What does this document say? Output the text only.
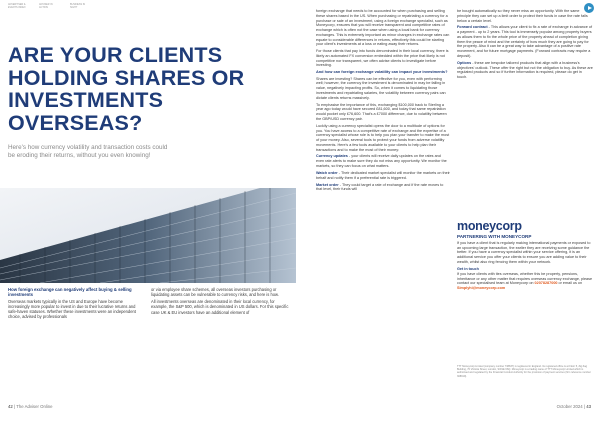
ADVERTISER & EVENTS INDEX
ADVISER IN ACTION
BUSINESS IN SIGHT
ARE YOUR CLIENTS HOLDING SHARES OR INVESTMENTS OVERSEAS?

Here's how currency volatility and transaction costs could be eroding their returns, without you even knowing!

How foreign exchange can negatively affect buying & selling investments

Overseas markets typically in the US and Europe have become increasingly more popular to invest in due to their lucrative returns and safe-haven statuses. Whether these investments were an independent choice, advised by professionals

or via employee share schemes, all overseas investors purchasing or liquidating assets can be vulnerable to currency risks, and here is how.

All investments overseas are denominated in their local currency, for example, the S&P 500, which is denominated in US dollars. For this specific case UK & EU investors have an additional element of

foreign exchange that needs to be accounted for when purchasing and selling these shares based in the US. When purchasing or repatriating a currency for a purchase or sale of an investment, using a foreign exchange specialist, such as Moneycorp, ensures that you will receive transparent and competitive rates of exchange which is often not the case when using a local bank for currency exchanges. This is extremely important as minor changes in exchange rates can equate to considerable differences in returns, effectively this could be starting your client's investments at a loss or eating away their returns.

For those clients that pay into funds denominated in their local currency, there is likely an automated FX conversion embedded within the price that likely is not competitive nor transparent, we often advise clients to investigate before investing.

And how can foreign exchange volatility can impact your investments?

Shares are investing? Shares can be effective for you, even with performing well; however, the currency the investment is denominated in may be falling in value, negatively impacting profits. So, when it comes to liquidating those investments and repatriating salaries, the volatility between currency pairs can dictate clients returns massively.

To emphasise the importance of this, exchanging $100,000 back to Sterling a year ago today would have secured £81,600, and today that same repatriation would pocket only £76,600. That's a £7000 difference, due to volatility between the GBP/USD currency pair.

Luckily using a currency specialist opens the door to a multitude of options for you. You have access to a competitive rate of exchange and the expertise of a currency specialist whose role is to help you plan your transfer to make the most of your money. Also, several tools to protect your funds from adverse volatility movements. Here's a few tools available to your clients to help plan their transactions and to make the most of their money:

Currency updates - your clients will receive daily updates on the rates and even rate alerts to make sure they do not miss any opportunity. We monitor the markets, so they can focus on what matters.

Watch order - Their dedicated market specialist will monitor the markets on their behalf and notify them if a preferential rate is triggered.

Market order - They could target a rate of exchange and if the rate moves to that level, their funds will

be bought automatically so they never miss an opportunity. With the same principle they can set up a limit order to protect their funds in case the rate falls below a certain level.

Forward contract - This allows your client to fix a rate of exchange in advance of a payment - up to 2 years. This tool is immensely popular among property buyers as allows them to fix the whole price of the property ahead of completion giving them the peace of mind and the certainty of how much they are going to pay for the property. Also it can be a great way to take advantage of a positive rate movement, and for future mortgage payments. (Forward contracts may require a deposit).

Options - these are bespoke tailored products that align with a business's objectives' outlook. These offer the right but not the obligation to buy. As these are regulated products and so if further information is required, please do get in touch.

moneycorp
PARTNERING WITH MONEYCORP

If you have a client that is regularly making international payments or exposed to an upcoming large transaction, the earlier they are receiving some guidance the better. If you have a currency specialist within your service offering, it is an additional service you offer your clients to ensure you are adding value to their wealth, whilst also ring fencing them within your network.

Get in touch

If you have clients with ties overseas, whether this be property, pensions, inheritance or any other matter that requires overseas currency exchange, please contact our specialised team at Moneycorp on 02078287000 or email us on Simplyhi@moneycorp.com

TTT Moneycorp Limited (company number 738837) is registered in England. Its registered office is at Floor 5, Zig Zag Building, 70 Victoria Street, London, SW1E 6SQ. Moneycorp is a trading name of TTT Moneycorp Limited which is authorised and regulated by the Financial Conduct Authority for the provision of payment services (firm reference number 308919).

42 | The Adviser Online	October 2024 | 43
